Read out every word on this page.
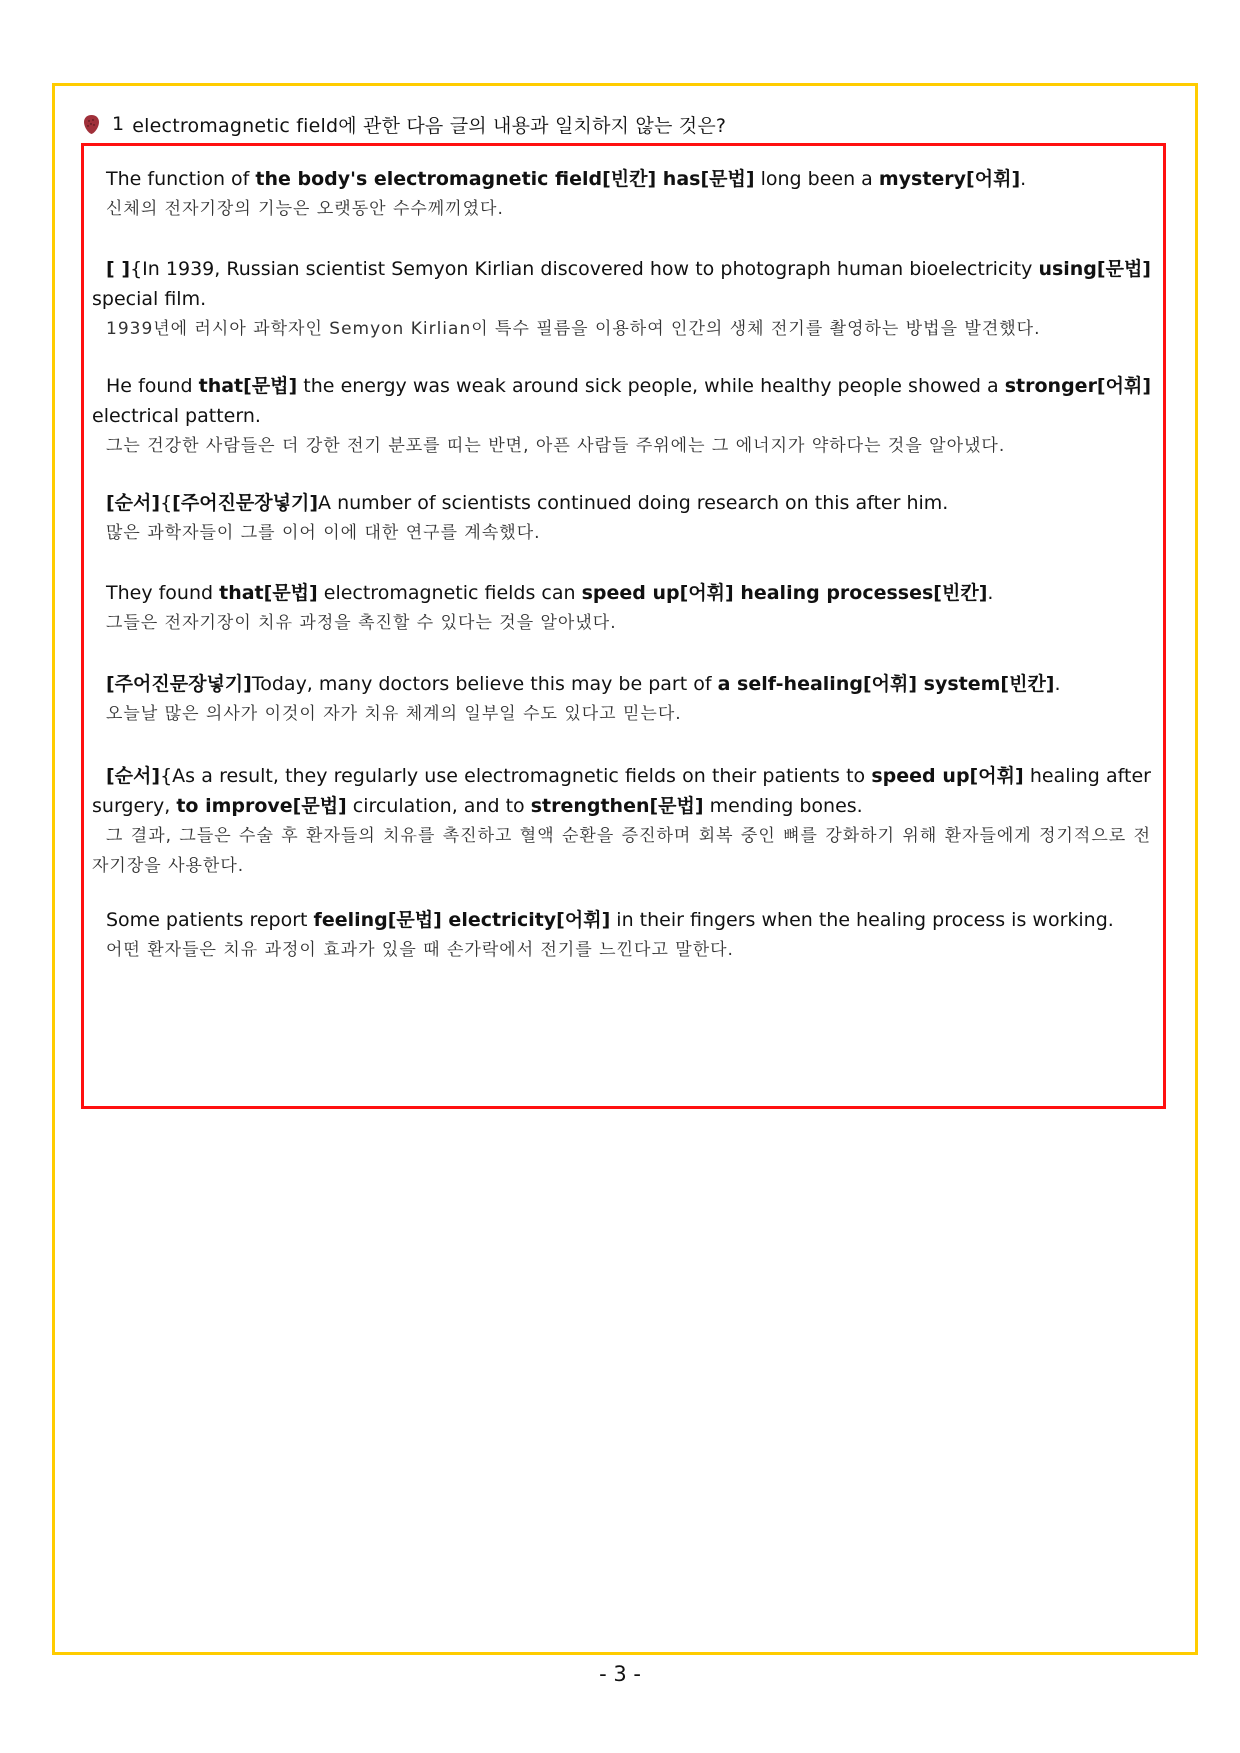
1 electromagnetic field에 관한 다음 글의 내용과 일치하지 않는 것은?
The function of the body's electromagnetic field[빈칸] has[문법] long been a mystery[어휘].
신체의 전자기장의 기능은 오랫동안 수수께끼였다.
[ ]{In 1939, Russian scientist Semyon Kirlian discovered how to photograph human bioelectricity using[문법] special film.
1939년에 러시아 과학자인 Semyon Kirlian이 특수 필름을 이용하여 인간의 생체 전기를 촬영하는 방법을 발견했다.
He found that[문법] the energy was weak around sick people, while healthy people showed a stronger[어휘] electrical pattern.
그는 건강한 사람들은 더 강한 전기 분포를 띠는 반면, 아픈 사람들 주위에는 그 에너지가 약하다는 것을 알아냈다.
[순서]{[주어진문장넣기]A number of scientists continued doing research on this after him.
많은 과학자들이 그를 이어 이에 대한 연구를 계속했다.
They found that[문법] electromagnetic fields can speed up[어휘] healing processes[빈칸].
그들은 전자기장이 치유 과정을 촉진할 수 있다는 것을 알아냈다.
[주어진문장넣기]Today, many doctors believe this may be part of a self-healing[어휘] system[빈칸].
오늘날 많은 의사가 이것이 자가 치유 체계의 일부일 수도 있다고 믿는다.
[순서]{As a result, they regularly use electromagnetic fields on their patients to speed up[어휘] healing after surgery, to improve[문법] circulation, and to strengthen[문법] mending bones.
그 결과, 그들은 수술 후 환자들의 치유를 촉진하고 혈액 순환을 증진하며 회복 중인 뼈를 강화하기 위해 환자들에게 정기적으로 전자기장을 사용한다.
Some patients report feeling[문법] electricity[어휘] in their fingers when the healing process is working.
어떤 환자들은 치유 과정이 효과가 있을 때 손가락에서 전기를 느낀다고 말한다.
- 3 -
